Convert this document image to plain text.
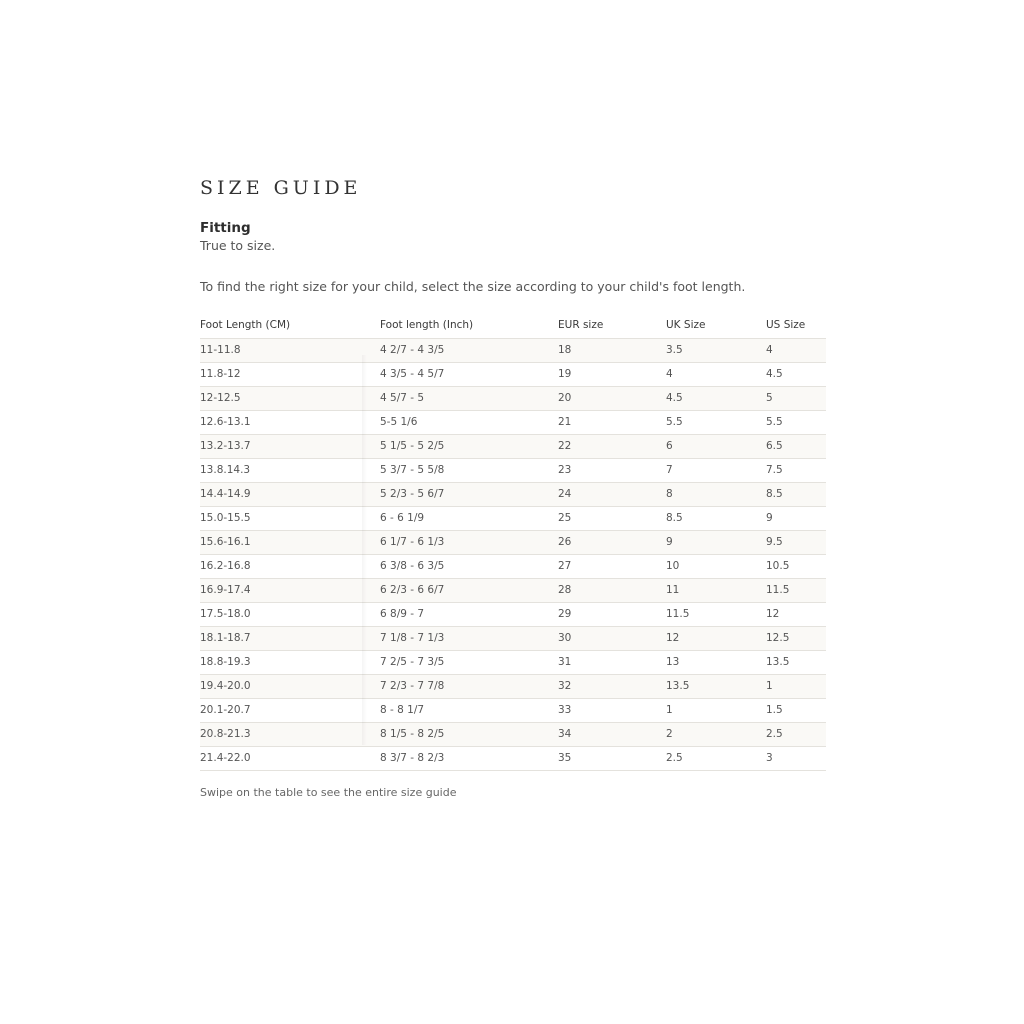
SIZE GUIDE
Fitting
True to size.
To find the right size for your child, select the size according to your child's foot length.
Foot Length (CM)	Foot length (Inch)	EUR size	UK Size	US Size
11-11.8	4 2/7 - 4 3/5	18	3.5	4
11.8-12	4 3/5 - 4 5/7	19	4	4.5
12-12.5	4 5/7 - 5	20	4.5	5
12.6-13.1	5-5 1/6	21	5.5	5.5
13.2-13.7	5 1/5 - 5 2/5	22	6	6.5
13.8.14.3	5 3/7 - 5 5/8	23	7	7.5
14.4-14.9	5 2/3 - 5 6/7	24	8	8.5
15.0-15.5	6 - 6 1/9	25	8.5	9
15.6-16.1	6 1/7 - 6 1/3	26	9	9.5
16.2-16.8	6 3/8 - 6 3/5	27	10	10.5
16.9-17.4	6 2/3 - 6 6/7	28	11	11.5
17.5-18.0	6 8/9 - 7	29	11.5	12
18.1-18.7	7 1/8 - 7 1/3	30	12	12.5
18.8-19.3	7 2/5 - 7 3/5	31	13	13.5
19.4-20.0	7 2/3 - 7 7/8	32	13.5	1
20.1-20.7	8 - 8 1/7	33	1	1.5
20.8-21.3	8 1/5 - 8 2/5	34	2	2.5
21.4-22.0	8 3/7 - 8 2/3	35	2.5	3
Swipe on the table to see the entire size guide
